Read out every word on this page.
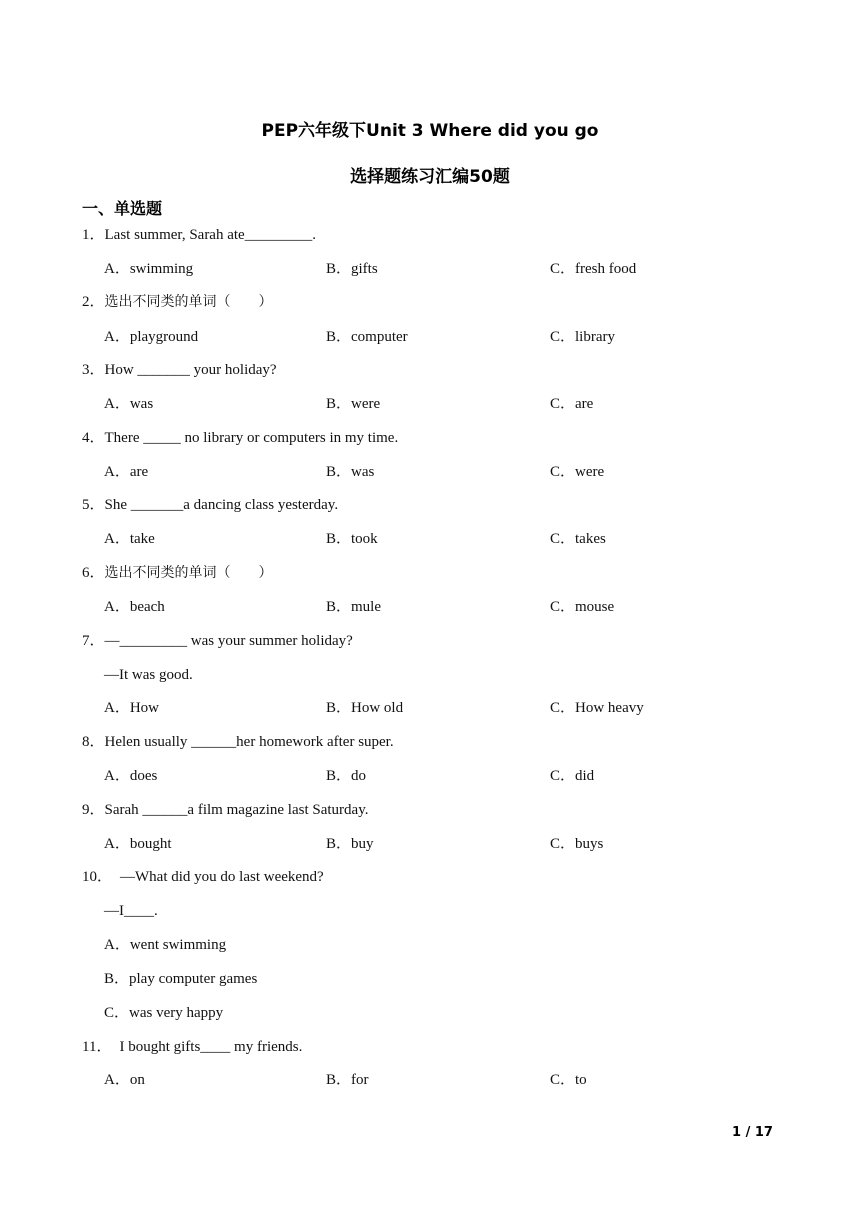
PEP六年级下Unit 3 Where did you go
选择题练习汇编50题
一、单选题
1．Last summer, Sarah ate_________.
A．swimming	B．gifts	C．fresh food
2．选出不同类的单词（　　）
A．playground	B．computer	C．library
3．How _______ your holiday?
A．was	B．were	C．are
4．There _____ no library or computers in my time.
A．are	B．was	C．were
5．She _______a dancing class yesterday.
A．take	B．took	C．takes
6．选出不同类的单词（　　）
A．beach	B．mule	C．mouse
7．—_________ was your summer holiday?
—It was good.
A．How	B．How old	C．How heavy
8．Helen usually ______her homework after super.
A．does	B．do	C．did
9．Sarah ______a film magazine last Saturday.
A．bought	B．buy	C．buys
10． —What did you do last weekend?
—I____.
A．went swimming
B．play computer games
C．was very happy
11． I bought gifts____ my friends.
A．on	B．for	C．to
1 / 17
